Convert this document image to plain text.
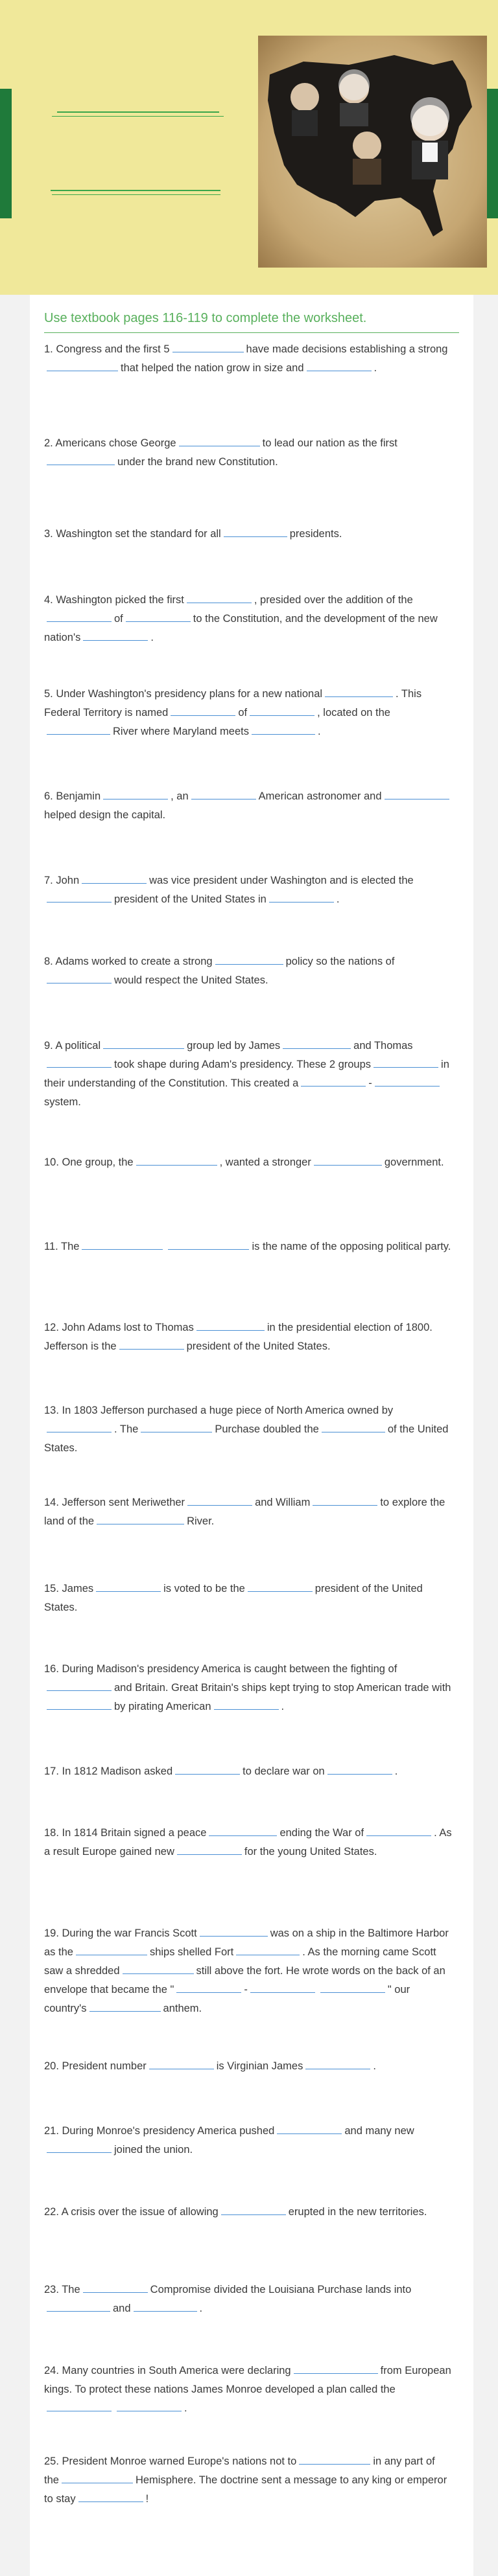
Use textbook pages 116-119 to complete the worksheet.
1. Congress and the first 5	have made decisions establishing a strongthat helped the nation grow in size and	.
2. Americans chose George	to lead our nation as the firstunder the brand new Constitution.
3. Washington set the standard for all	presidents.
4. Washington picked the first	, presided over the addition of theof	to the Constitution, and the development of the new nation's	.
5. Under Washington's presidency plans for a new national	. This Federal Territory is named	of	, located on theRiver where Maryland meets	.
6. Benjamin	, an	American astronomer andhelped design the capital.
7. John	was vice president under Washington and is elected thepresident of the United States in	.
8. Adams worked to create a strong	policy so the nations ofwould respect the United States.
9. A political	group led by James	and Thomastook shape during Adam's presidency. These 2 groups	in their understanding of the Constitution. This created a	-system.
10. One group, the	, wanted a stronger	government.
11. The	is the name of the opposing political party.
12. John Adams lost to Thomas	in the presidential election of 1800. Jefferson is the	president of the United States.
13. In 1803 Jefferson purchased a huge piece of North America owned by. The	Purchase doubled the	of the United States.
14. Jefferson sent Meriwether	and William	to explore the land of the	River.
15. James	is voted to be the	president of the United States.
16. During Madison's presidency America is caught between the fighting ofand Britain. Great Britain's ships kept trying to stop American trade withby pirating American	.
17. In 1812 Madison asked	to declare war on	.
18. In 1814 Britain signed a peace	ending the War of	. As a result Europe gained new	for the young United States.
19. During the war Francis Scott	was on a ship in the Baltimore Harbor as the	ships shelled Fort	. As the morning came Scott saw a shredded	still above the fort. He wrote words on the back of an envelope that became the "	-	" our country's	anthem.
20. President number	is Virginian James	.
21. During Monroe's presidency America pushed	and many newjoined the union.
22. A crisis over the issue of allowing	erupted in the new territories.
23. The	Compromise divided the Louisiana Purchase lands intoand	.
24. Many countries in South America were declaring	from European kings. To protect these nations James Monroe developed a plan called the.
25. President Monroe warned Europe's nations not to	in any part of the	Hemisphere. The doctrine sent a message to any king or emperor to stay	!
